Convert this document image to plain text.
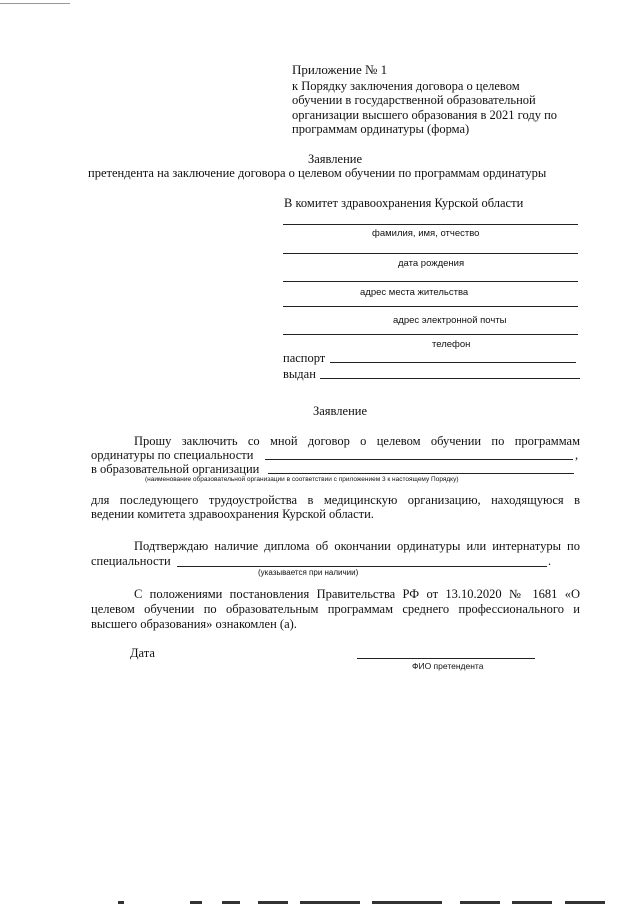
Приложение № 1
к Порядку заключения договора о целевом
обучении в государственной образовательной
организации высшего образования в 2021 году по
программам ординатуры (форма)
Заявление
претендента на заключение договора о целевом обучении по программам ординатуры
В комитет здравоохранения Курской области
фамилия, имя, отчество
дата рождения
адрес места жительства
адрес электронной почты
телефон
паспорт
выдан
Заявление
Прошу заключить со мной договор о целевом обучении по программам
ординатуры по специальности	,
в образовательной организации
(наименование образовательной организации в соответствии с приложением 3 к настоящему Порядку)
для последующего трудоустройства в медицинскую организацию, находящуюся в
ведении комитета здравоохранения Курской области.
Подтверждаю наличие диплома об окончании ординатуры или интернатуры по
специальности	.
(указывается при наличии)
С положениями постановления Правительства РФ от 13.10.2020 № 1681 «О
целевом обучении по образовательным программам среднего профессионального и
высшего образования» ознакомлен (а).
Дата
ФИО претендента
